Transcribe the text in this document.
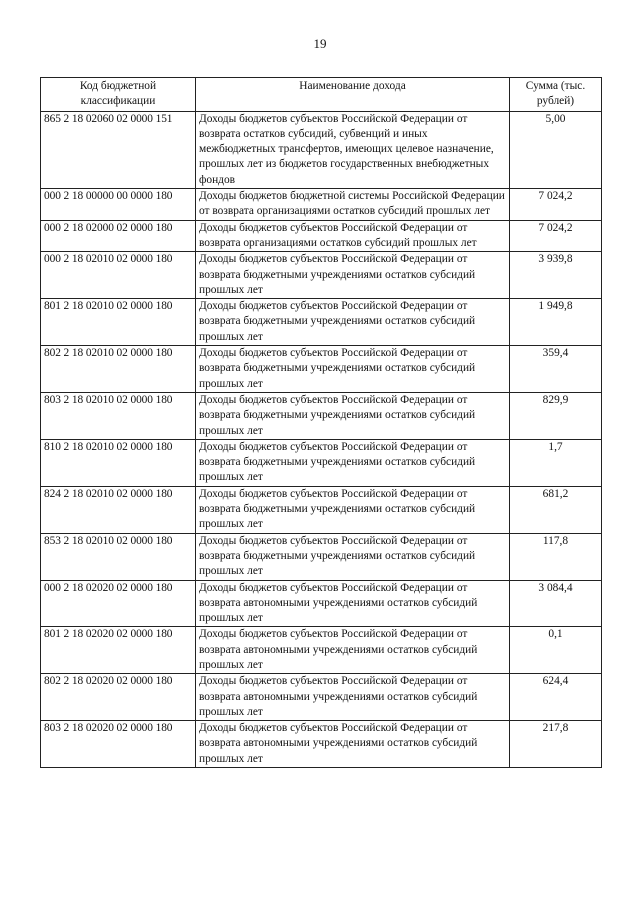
19
Код бюджетной классификации	Наименование дохода	Сумма (тыс. рублей)
865 2 18 02060 02 0000 151	Доходы бюджетов субъектов Российской Федерации от возврата остатков субсидий, субвенций и иных межбюджетных трансфертов, имеющих целевое назначение, прошлых лет из бюджетов государственных внебюджетных фондов	5,00
000 2 18 00000 00 0000 180	Доходы бюджетов бюджетной системы Российской Федерации от возврата организациями остатков субсидий прошлых лет	7 024,2
000 2 18 02000 02 0000 180	Доходы бюджетов субъектов Российской Федерации от возврата организациями остатков субсидий прошлых лет	7 024,2
000 2 18 02010 02 0000 180	Доходы бюджетов субъектов Российской Федерации от возврата бюджетными учреждениями остатков субсидий прошлых лет	3 939,8
801 2 18 02010 02 0000 180	Доходы бюджетов субъектов Российской Федерации от возврата бюджетными учреждениями остатков субсидий прошлых лет	1 949,8
802 2 18 02010 02 0000 180	Доходы бюджетов субъектов Российской Федерации от возврата бюджетными учреждениями остатков субсидий прошлых лет	359,4
803 2 18 02010 02 0000 180	Доходы бюджетов субъектов Российской Федерации от возврата бюджетными учреждениями остатков субсидий прошлых лет	829,9
810 2 18 02010 02 0000 180	Доходы бюджетов субъектов Российской Федерации от возврата бюджетными учреждениями остатков субсидий прошлых лет	1,7
824 2 18 02010 02 0000 180	Доходы бюджетов субъектов Российской Федерации от возврата бюджетными учреждениями остатков субсидий прошлых лет	681,2
853 2 18 02010 02 0000 180	Доходы бюджетов субъектов Российской Федерации от возврата бюджетными учреждениями остатков субсидий прошлых лет	117,8
000 2 18 02020 02 0000 180	Доходы бюджетов субъектов Российской Федерации от возврата автономными учреждениями остатков субсидий прошлых лет	3 084,4
801 2 18 02020 02 0000 180	Доходы бюджетов субъектов Российской Федерации от возврата автономными учреждениями остатков субсидий прошлых лет	0,1
802 2 18 02020 02 0000 180	Доходы бюджетов субъектов Российской Федерации от возврата автономными учреждениями остатков субсидий прошлых лет	624,4
803 2 18 02020 02 0000 180	Доходы бюджетов субъектов Российской Федерации от возврата автономными учреждениями остатков субсидий прошлых лет	217,8
